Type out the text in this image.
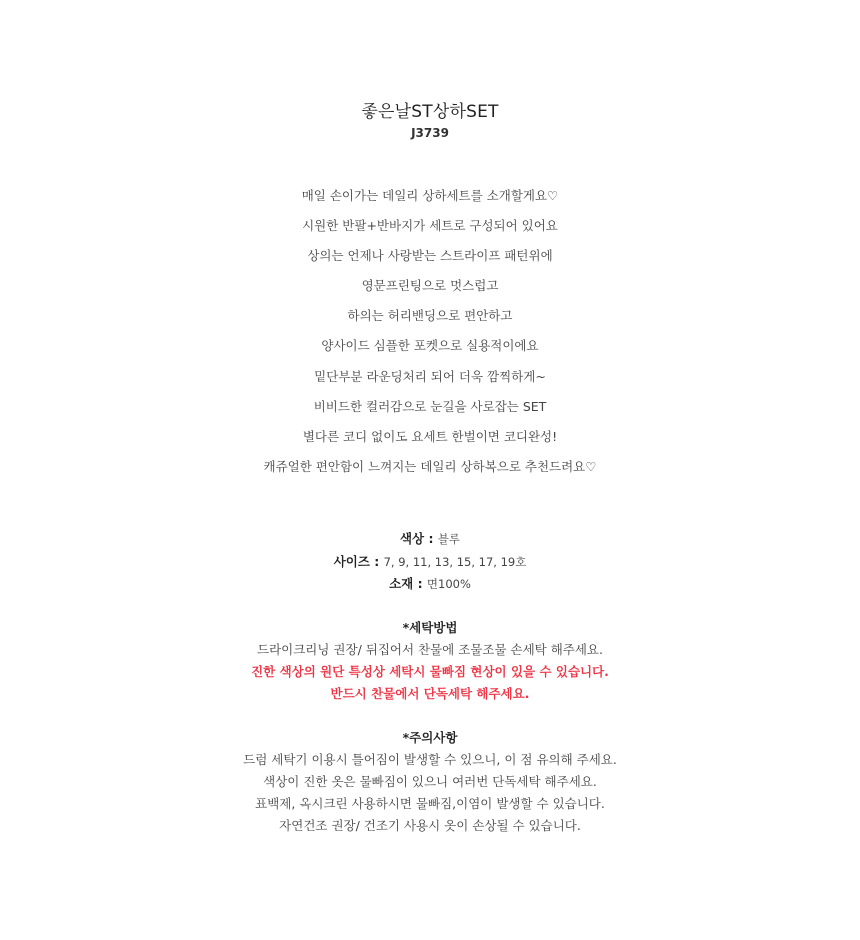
좋은날ST상하SET
J3739
매일 손이가는 데일리 상하세트를 소개할게요♡
시원한 반팔+반바지가 세트로 구성되어 있어요
상의는 언제나 사랑받는 스트라이프 패턴위에
영문프린팅으로 멋스럽고
하의는 허리밴딩으로 편안하고
양사이드 심플한 포켓으로 실용적이에요
밑단부분 라운딩처리 되어 더욱 깜찍하게~
비비드한 컬러감으로 눈길을 사로잡는 SET
별다른 코디 없이도 요세트 한벌이면 코디완성!
캐쥬얼한 편안함이 느껴지는 데일리 상하복으로 추천드려요♡
색상 : 블루
사이즈 : 7, 9, 11, 13, 15, 17, 19호
소재 : 면100%
*세탁방법
드라이크리닝 권장/ 뒤집어서 찬물에 조물조물 손세탁 해주세요.
진한 색상의 원단 특성상 세탁시 물빠짐 현상이 있을 수 있습니다.
반드시 찬물에서 단독세탁 해주세요.
*주의사항
드럼 세탁기 이용시 틀어짐이 발생할 수 있으니, 이 점 유의해 주세요.
색상이 진한 옷은 물빠짐이 있으니 여러번 단독세탁 해주세요.
표백제, 옥시크린 사용하시면 물빠짐,이염이 발생할 수 있습니다.
자연건조 권장/ 건조기 사용시 옷이 손상될 수 있습니다.
